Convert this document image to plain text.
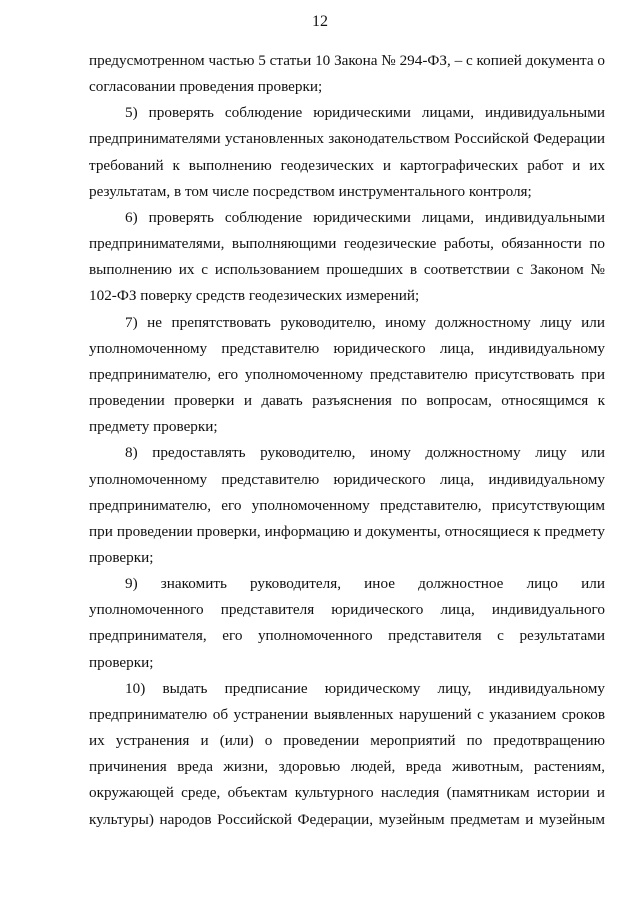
12

предусмотренном частью 5 статьи 10 Закона № 294-ФЗ, – с копией документа о согласовании проведения проверки;

5) проверять соблюдение юридическими лицами, индивидуальными предпринимателями установленных законодательством Российской Федерации требований к выполнению геодезических и картографических работ и их результатам, в том числе посредством инструментального контроля;

6) проверять соблюдение юридическими лицами, индивидуальными предпринимателями, выполняющими геодезические работы, обязанности по выполнению их с использованием прошедших в соответствии с Законом № 102-ФЗ поверку средств геодезических измерений;

7) не препятствовать руководителю, иному должностному лицу или уполномоченному представителю юридического лица, индивидуальному предпринимателю, его уполномоченному представителю присутствовать при проведении проверки и давать разъяснения по вопросам, относящимся к предмету проверки;

8) предоставлять руководителю, иному должностному лицу или уполномоченному представителю юридического лица, индивидуальному предпринимателю, его уполномоченному представителю, присутствующим при проведении проверки, информацию и документы, относящиеся к предмету проверки;

9) знакомить руководителя, иное должностное лицо или уполномоченного представителя юридического лица, индивидуального предпринимателя, его уполномоченного представителя с результатами проверки;

10) выдать предписание юридическому лицу, индивидуальному предпринимателю об устранении выявленных нарушений с указанием сроков их устранения и (или) о проведении мероприятий по предотвращению причинения вреда жизни, здоровью людей, вреда животным, растениям, окружающей среде, объектам культурного наследия (памятникам истории и культуры) народов Российской Федерации, музейным предметам и музейным
